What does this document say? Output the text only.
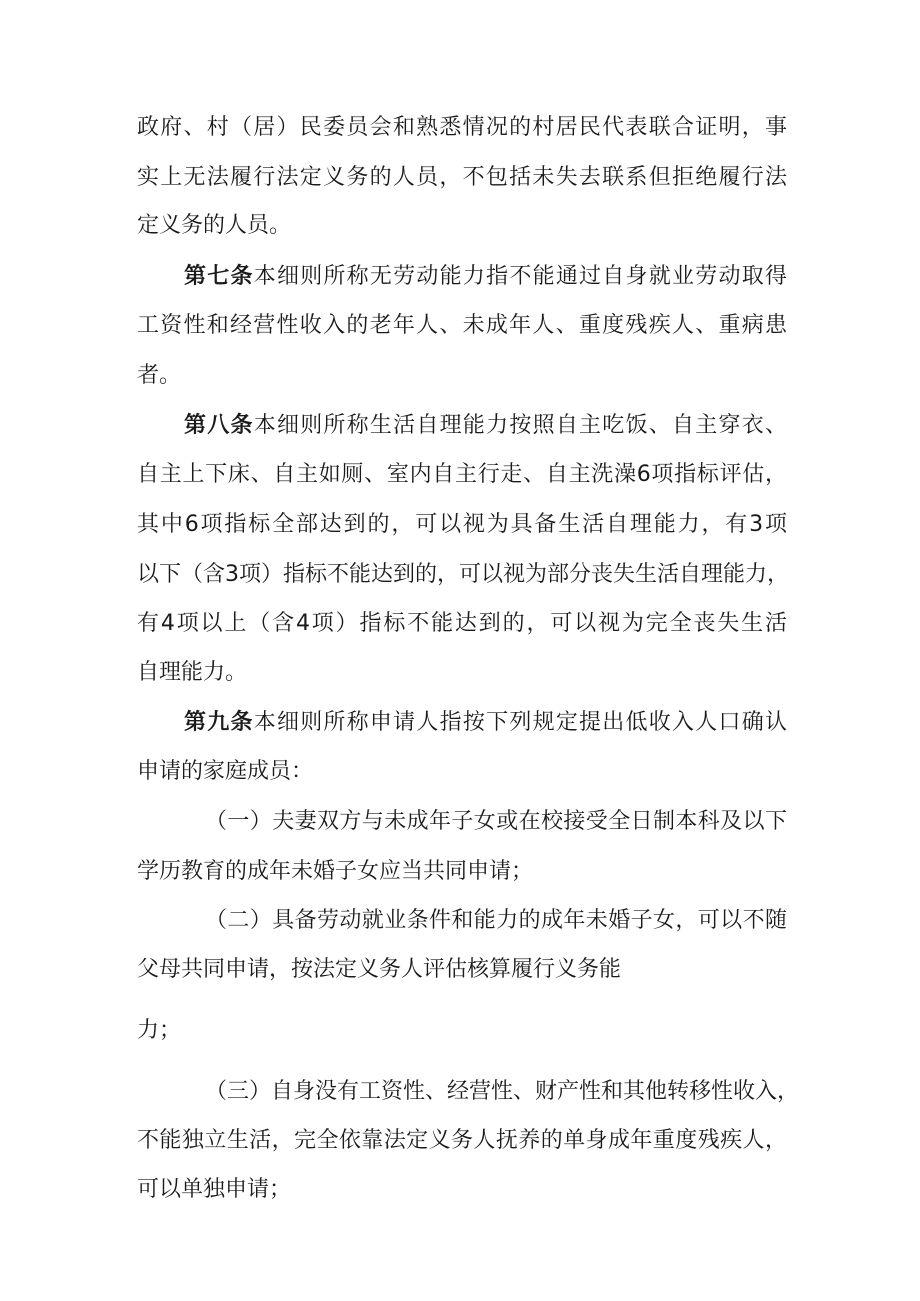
政府、村（居）民委员会和熟悉情况的村居民代表联合证明，事
实上无法履行法定义务的人员，不包括未失去联系但拒绝履行法
定义务的人员。
第七条本细则所称无劳动能力指不能通过自身就业劳动取得
工资性和经营性收入的老年人、未成年人、重度残疾人、重病患
者。
第八条本细则所称生活自理能力按照自主吃饭、自主穿衣、
自主上下床、自主如厕、室内自主行走、自主洗澡6项指标评估，
其中6项指标全部达到的，可以视为具备生活自理能力，有3项
以下（含3项）指标不能达到的，可以视为部分丧失生活自理能力，
有4项以上（含4项）指标不能达到的，可以视为完全丧失生活
自理能力。
第九条本细则所称申请人指按下列规定提出低收入人口确认
申请的家庭成员：
（一）夫妻双方与未成年子女或在校接受全日制本科及以下
学历教育的成年未婚子女应当共同申请；
（二）具备劳动就业条件和能力的成年未婚子女，可以不随
父母共同申请，按法定义务人评估核算履行义务能
力；
（三）自身没有工资性、经营性、财产性和其他转移性收入，
不能独立生活，完全依靠法定义务人抚养的单身成年重度残疾人，
可以单独申请；
